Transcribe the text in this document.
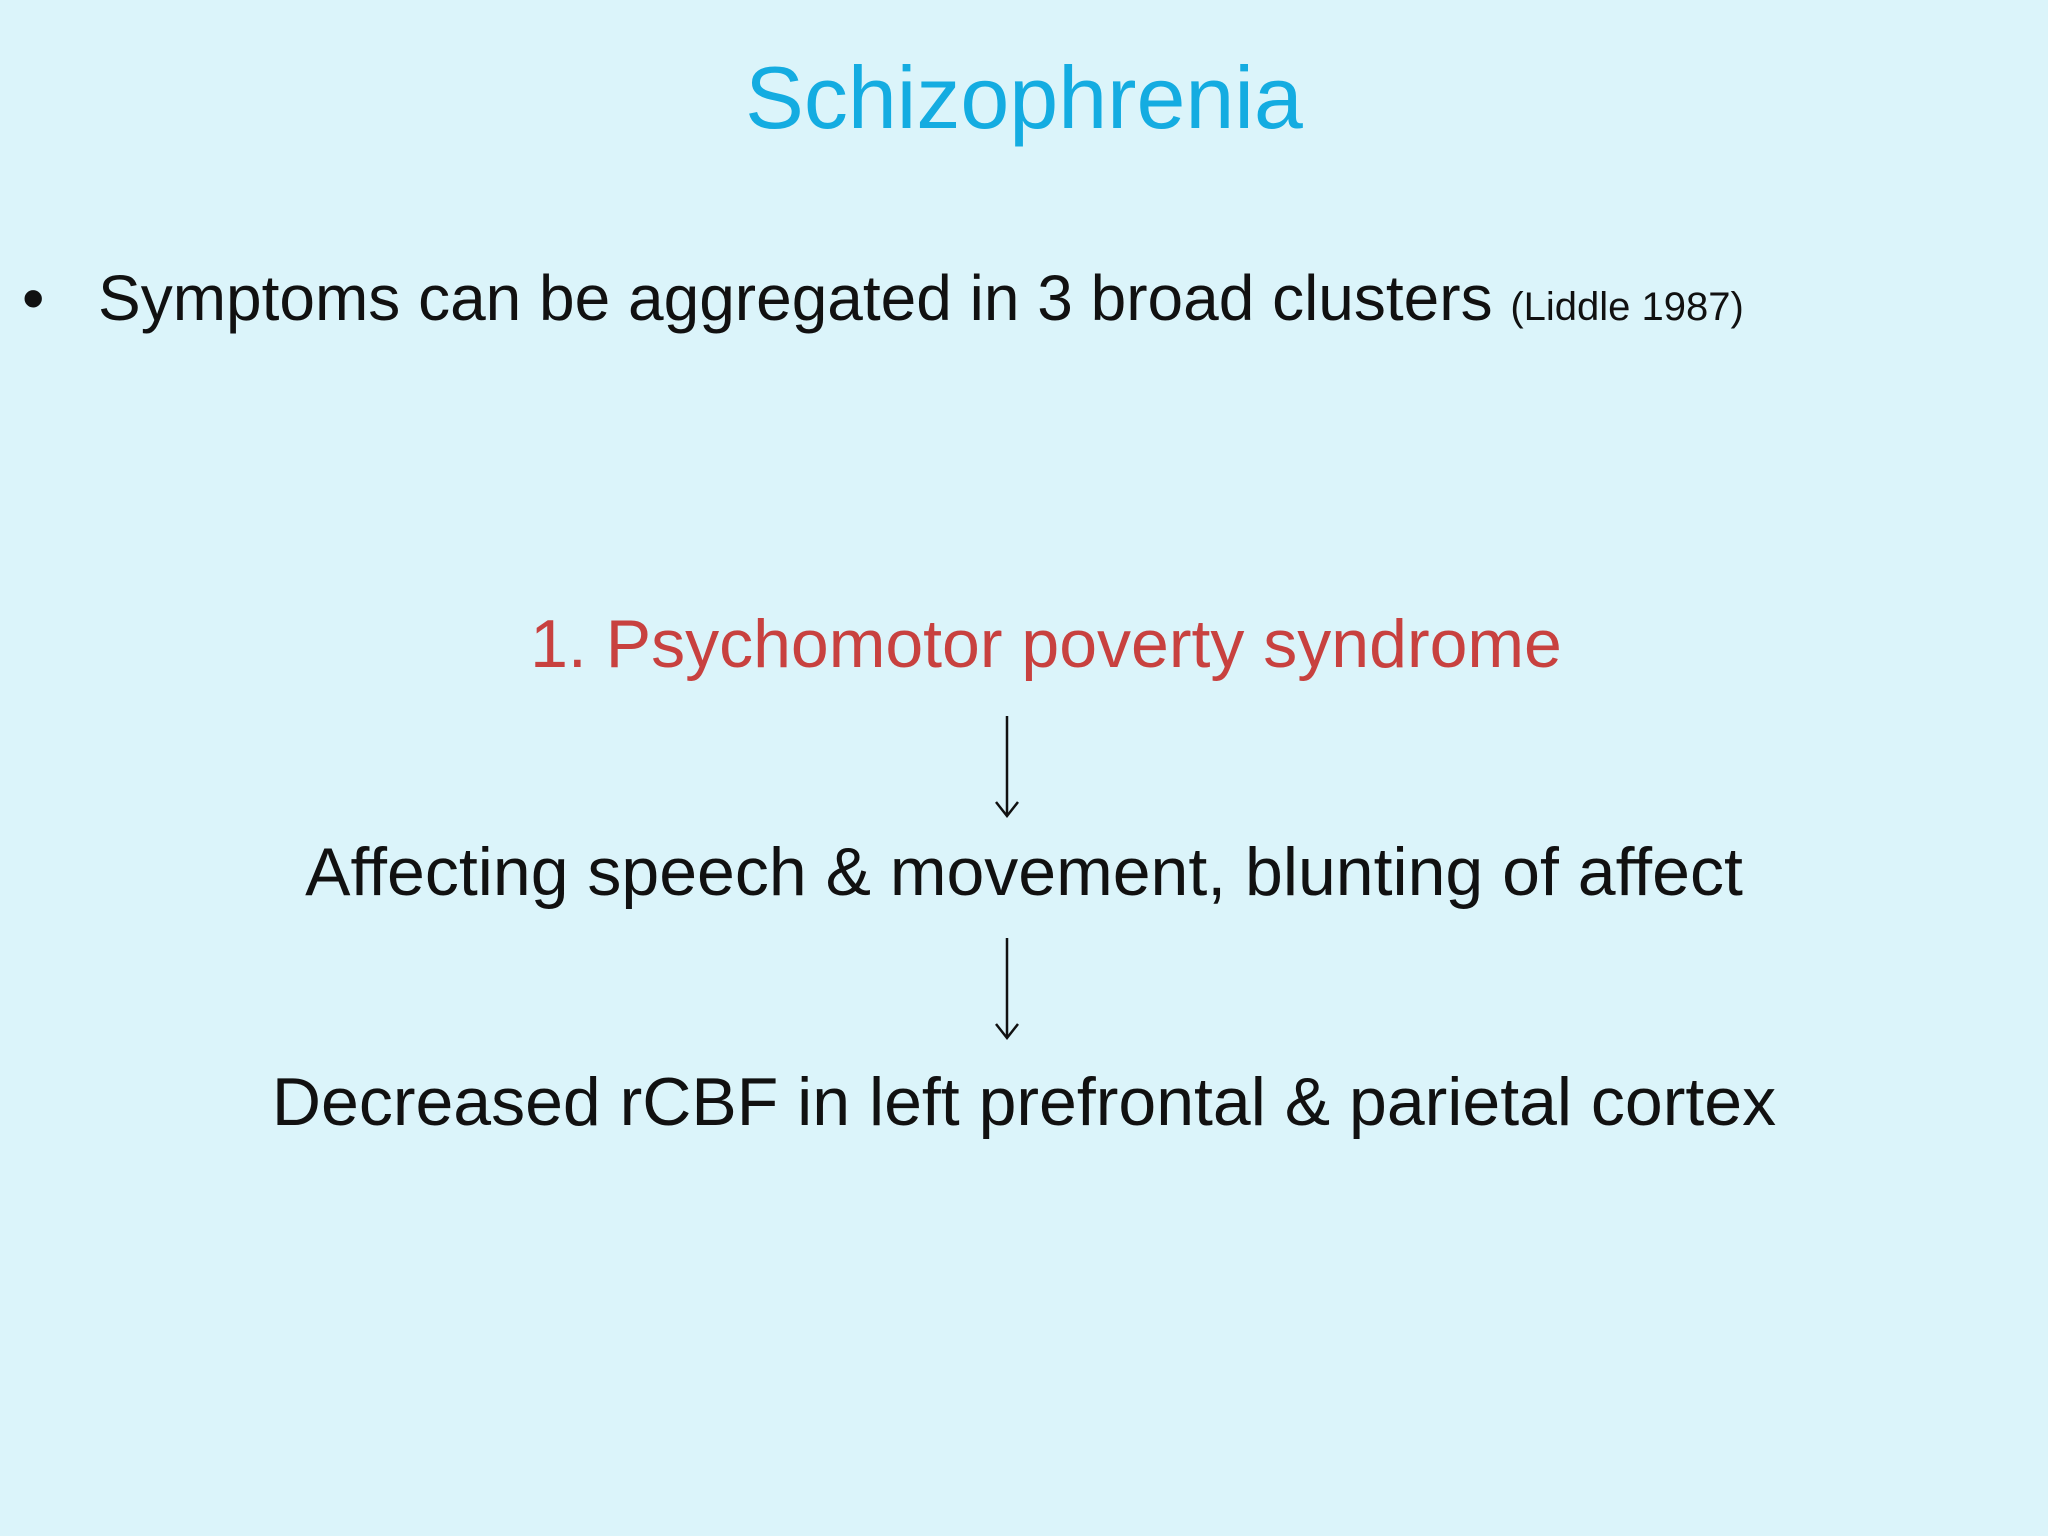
Schizophrenia
• Symptoms can be aggregated in 3 broad clusters (Liddle 1987)
1. Psychomotor poverty syndrome
Affecting speech & movement, blunting of affect
Decreased rCBF in left prefrontal & parietal cortex
